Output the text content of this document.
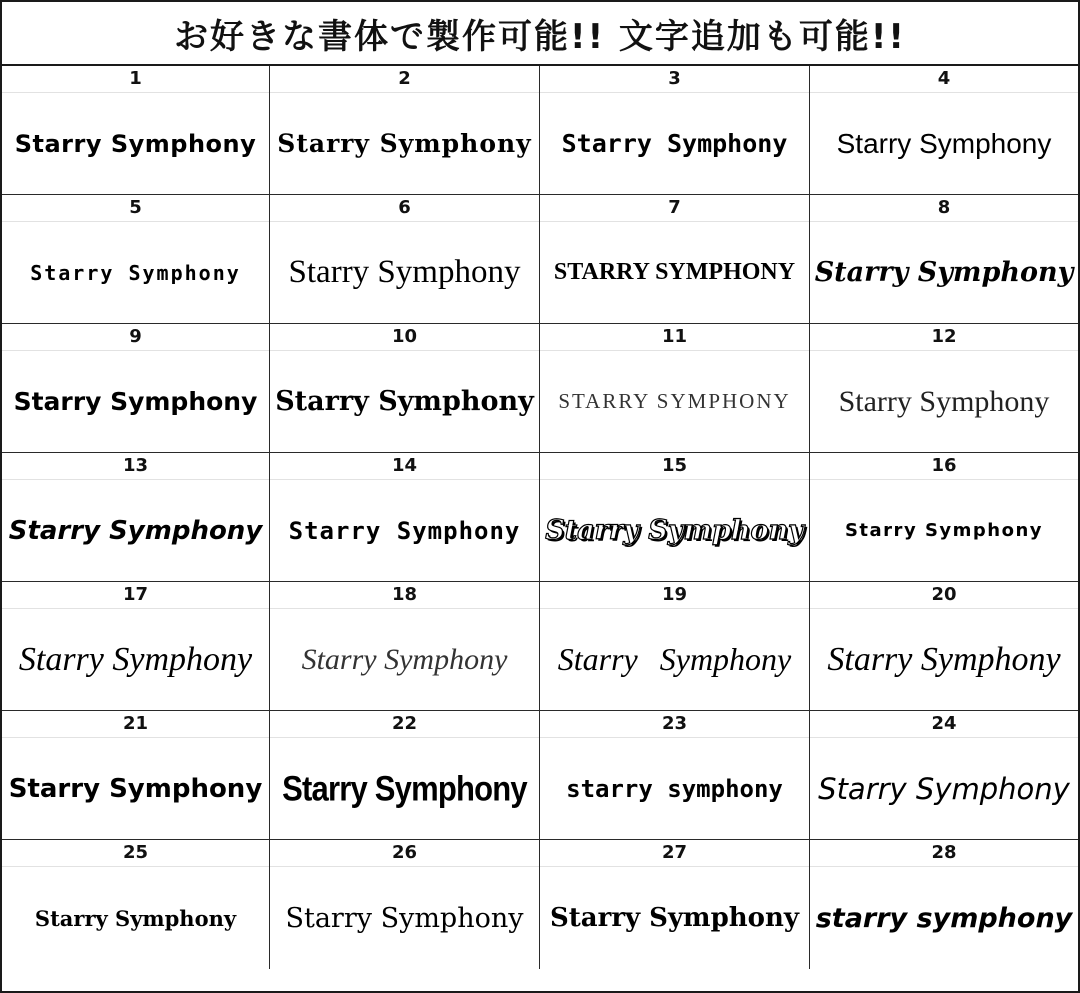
お好きな書体で製作可能!! 文字追加も可能!!
1
Starry Symphony
2
Starry Symphony
3
Starry Symphony
4
Starry Symphony
5
Starry Symphony
6
Starry Symphony
7
STARRY SYMPHONY
8
Starry Symphony
9
Starry Symphony
10
Starry Symphony
11
STARRY SYMPHONY
12
Starry Symphony
13
Starry Symphony
14
Starry Symphony
15
Starry Symphony
16
Starry Symphony
17
Starry Symphony
18
Starry Symphony
19
Starry Symphony
20
Starry Symphony
21
Starry Symphony
22
Starry Symphony
23
starry symphony
24
Starry Symphony
25
Starry Symphony
26
Starry Symphony
27
Starry Symphony
28
starry symphony
